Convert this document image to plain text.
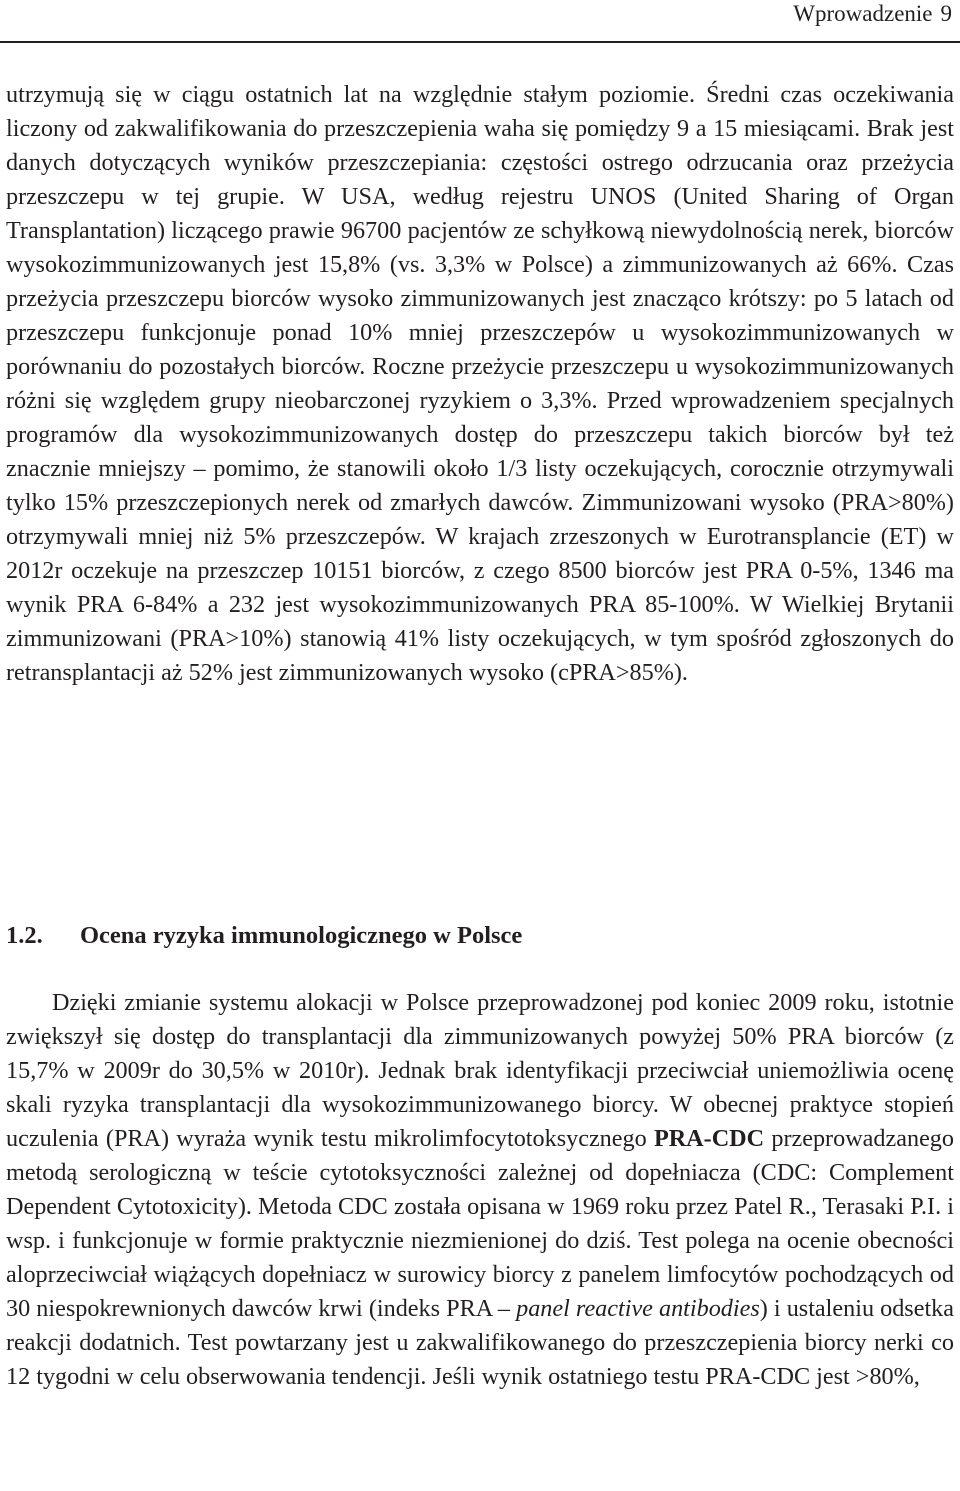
Wprowadzenie 9
utrzymują się w ciągu ostatnich lat na względnie stałym poziomie. Średni czas oczekiwania liczony od zakwalifikowania do przeszczepienia waha się pomiędzy 9 a 15 miesiącami. Brak jest danych dotyczących wyników przeszczepiania: częstości ostrego odrzucania oraz przeżycia przeszczepu w tej grupie. W USA, według rejestru UNOS (United Sharing of Organ Transplantation) liczącego prawie 96700 pacjentów ze schyłkową niewydolnością nerek, biorców wysokozimmunizowanych jest 15,8% (vs. 3,3% w Polsce) a zimmunizowanych aż 66%. Czas przeżycia przeszczepu biorców wysoko zimmunizowanych jest znacząco krótszy: po 5 latach od przeszczepu funkcjonuje ponad 10% mniej przeszczepów u wysokozimmunizowanych w porównaniu do pozostałych biorców. Roczne przeżycie przeszczepu u wysokozimmunizowanych różni się względem grupy nieobarczonej ryzykiem o 3,3%. Przed wprowadzeniem specjalnych programów dla wysokozimmunizowanych dostęp do przeszczepu takich biorców był też znacznie mniejszy – pomimo, że stanowili około 1/3 listy oczekujących, corocznie otrzymywali tylko 15% przeszczepionych nerek od zmarłych dawców. Zimmunizowani wysoko (PRA>80%) otrzymywali mniej niż 5% przeszczepów. W krajach zrzeszonych w Eurotransplancie (ET) w 2012r oczekuje na przeszczep 10151 biorców, z czego 8500 biorców jest PRA 0-5%, 1346 ma wynik PRA 6-84% a 232 jest wysokozimmunizowanych PRA 85-100%. W Wielkiej Brytanii zimmunizowani (PRA>10%) stanowią 41% listy oczekujących, w tym spośród zgłoszonych do retransplantacji aż 52% jest zimmunizowanych wysoko (cPRA>85%).
1.2. Ocena ryzyka immunologicznego w Polsce
Dzięki zmianie systemu alokacji w Polsce przeprowadzonej pod koniec 2009 roku, istotnie zwiększył się dostęp do transplantacji dla zimmunizowanych powyżej 50% PRA biorców (z 15,7% w 2009r do 30,5% w 2010r). Jednak brak identyfikacji przeciwciał uniemożliwia ocenę skali ryzyka transplantacji dla wysokozimmunizowanego biorcy. W obecnej praktyce stopień uczulenia (PRA) wyraża wynik testu mikrolimfocytotoksycznego PRA-CDC przeprowadzanego metodą serologiczną w teście cytotoksyczności zależnej od dopełniacza (CDC: Complement Dependent Cytotoxicity). Metoda CDC została opisana w 1969 roku przez Patel R., Terasaki P.I. i wsp. i funkcjonuje w formie praktycznie niezmienionej do dziś. Test polega na ocenie obecności aloprzeciwciał wiążących dopełniacz w surowicy biorcy z panelem limfocytów pochodzących od 30 niespokrewnionych dawców krwi (indeks PRA – panel reactive antibodies) i ustaleniu odsetka reakcji dodatnich. Test powtarzany jest u zakwalifikowanego do przeszczepienia biorcy nerki co 12 tygodni w celu obserwowania tendencji. Jeśli wynik ostatniego testu PRA-CDC jest >80%,
